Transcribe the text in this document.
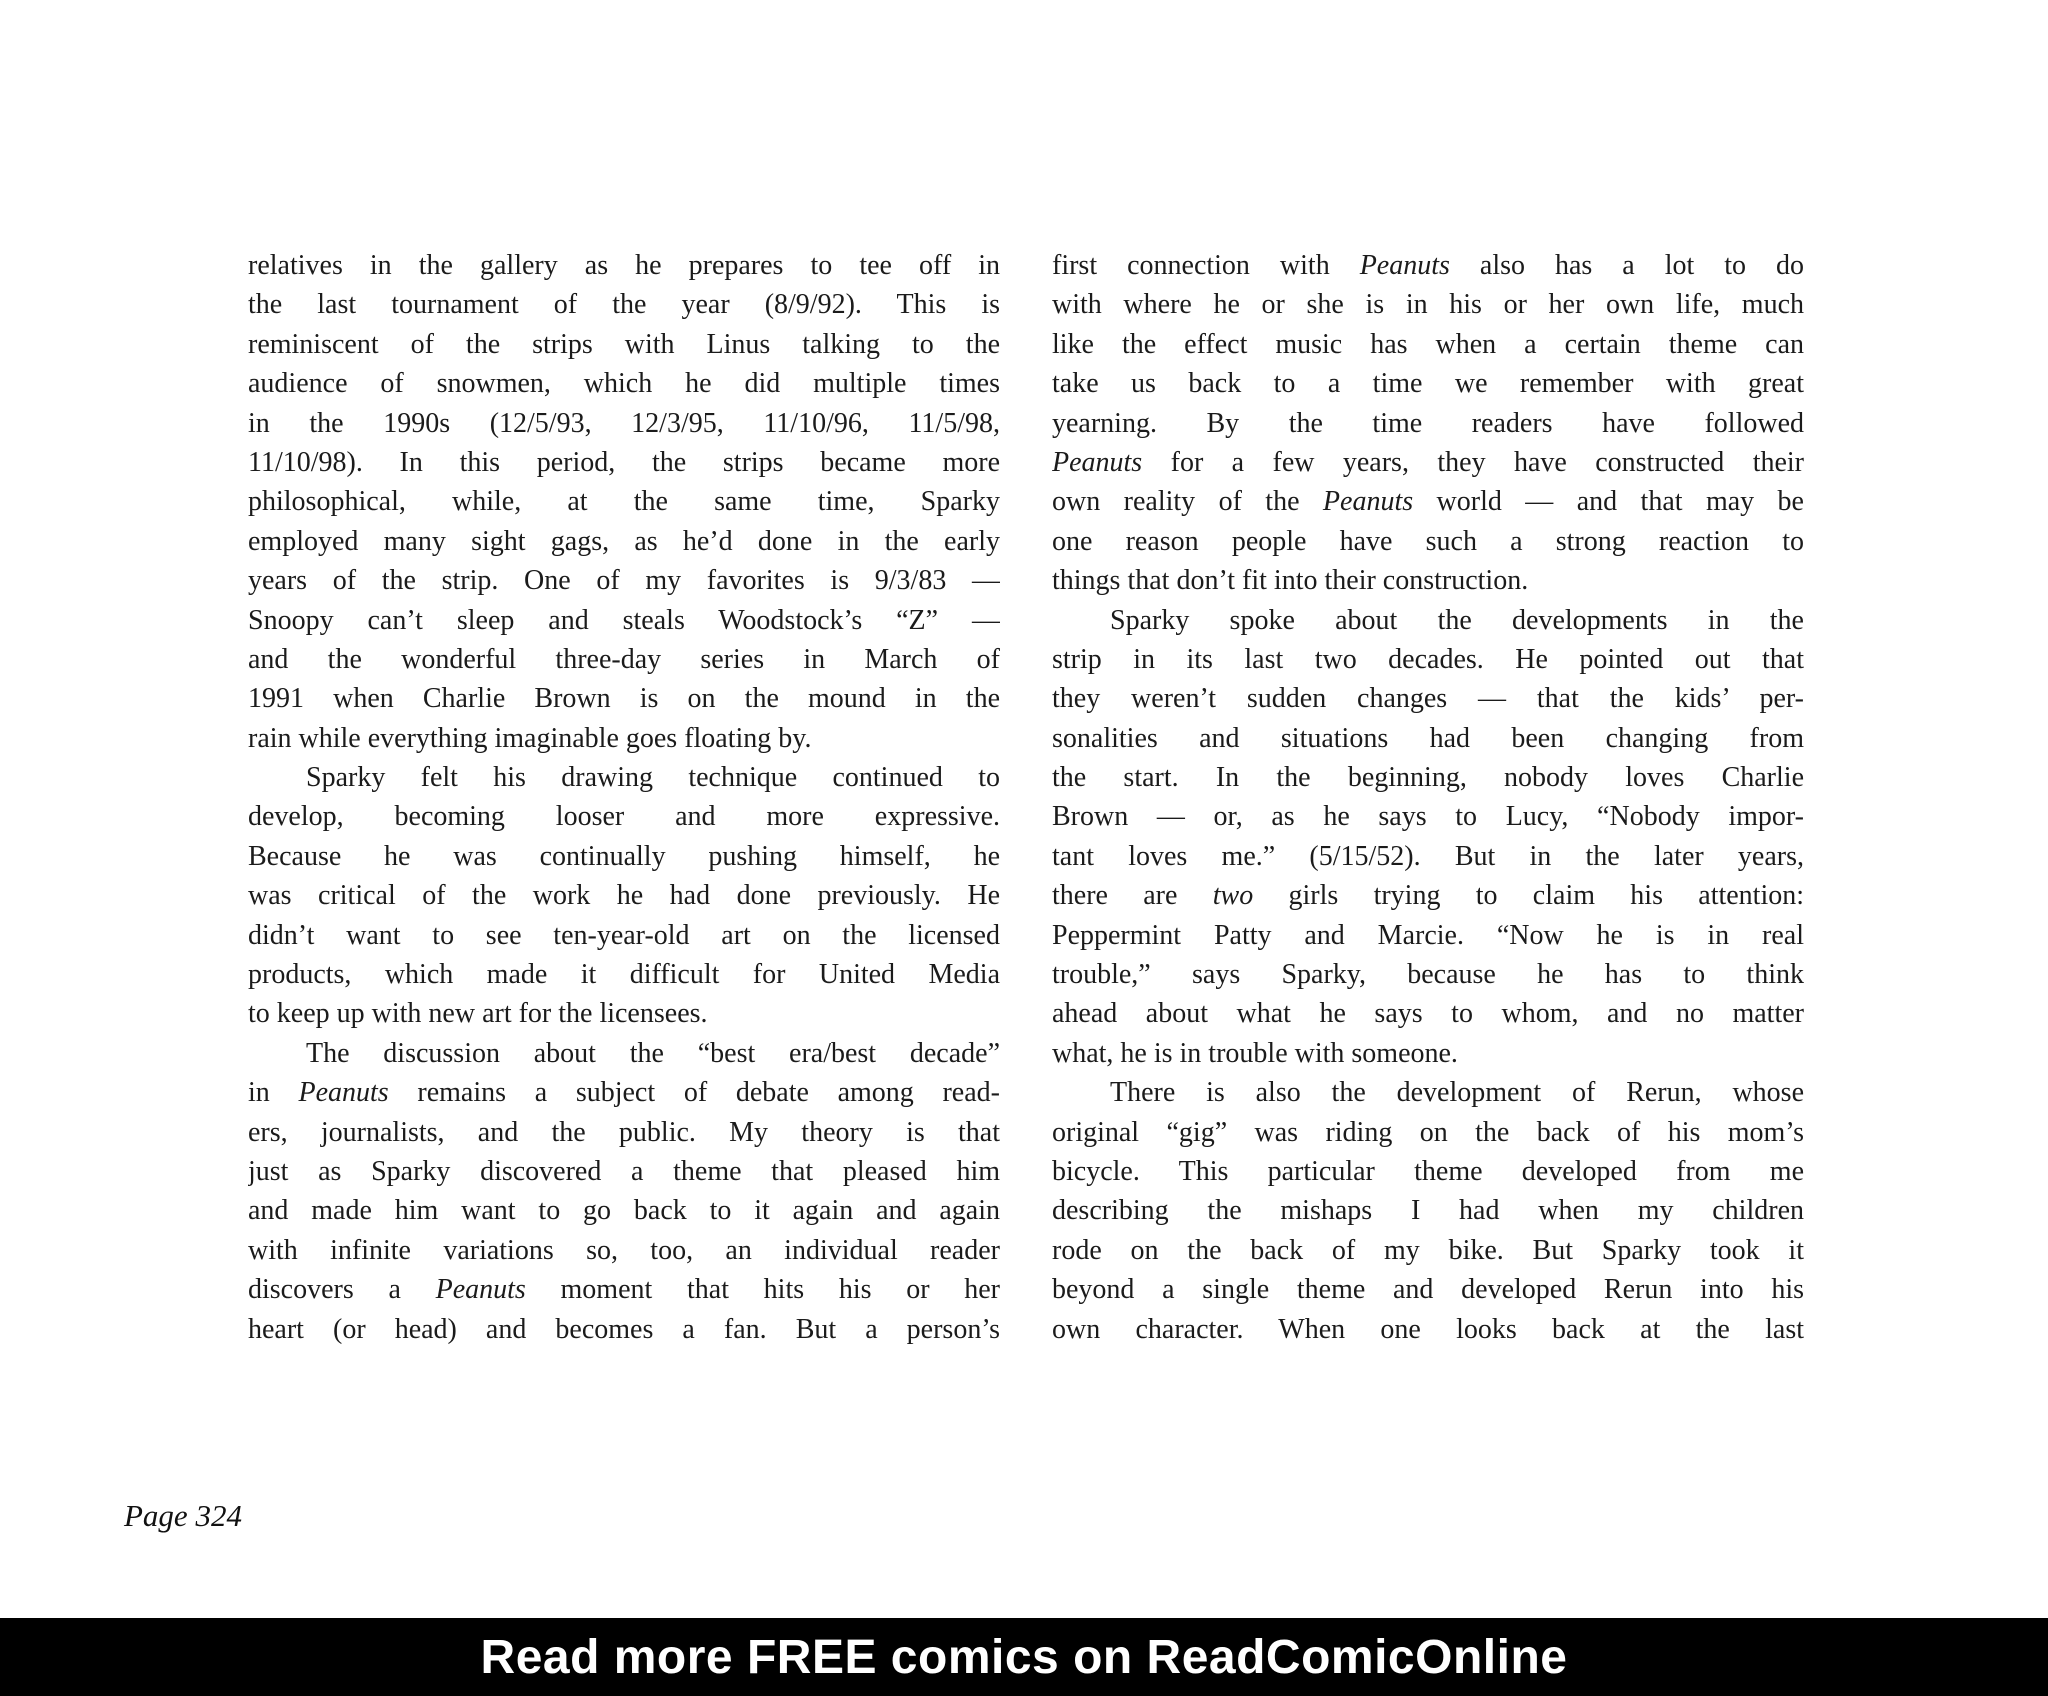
relatives in the gallery as he prepares to tee off in
the last tournament of the year (8/9/92). This is
reminiscent of the strips with Linus talking to the
audience of snowmen, which he did multiple times
in the 1990s (12/5/93, 12/3/95, 11/10/96, 11/5/98,
11/10/98). In this period, the strips became more
philosophical, while, at the same time, Sparky
employed many sight gags, as he’d done in the early
years of the strip. One of my favorites is 9/3/83 —
Snoopy can’t sleep and steals Woodstock’s “Z” —
and the wonderful three-day series in March of
1991 when Charlie Brown is on the mound in the
rain while everything imaginable goes floating by.
Sparky felt his drawing technique continued to
develop, becoming looser and more expressive.
Because he was continually pushing himself, he
was critical of the work he had done previously. He
didn’t want to see ten-year-old art on the licensed
products, which made it difficult for United Media
to keep up with new art for the licensees.
The discussion about the “best era/best decade”
in Peanuts remains a subject of debate among read-
ers, journalists, and the public. My theory is that
just as Sparky discovered a theme that pleased him
and made him want to go back to it again and again
with infinite variations so, too, an individual reader
discovers a Peanuts moment that hits his or her
heart (or head) and becomes a fan. But a person’s
first connection with Peanuts also has a lot to do
with where he or she is in his or her own life, much
like the effect music has when a certain theme can
take us back to a time we remember with great
yearning. By the time readers have followed
Peanuts for a few years, they have constructed their
own reality of the Peanuts world — and that may be
one reason people have such a strong reaction to
things that don’t fit into their construction.
Sparky spoke about the developments in the
strip in its last two decades. He pointed out that
they weren’t sudden changes — that the kids’ per-
sonalities and situations had been changing from
the start. In the beginning, nobody loves Charlie
Brown — or, as he says to Lucy, “Nobody impor-
tant loves me.” (5/15/52). But in the later years,
there are two girls trying to claim his attention:
Peppermint Patty and Marcie. “Now he is in real
trouble,” says Sparky, because he has to think
ahead about what he says to whom, and no matter
what, he is in trouble with someone.
There is also the development of Rerun, whose
original “gig” was riding on the back of his mom’s
bicycle. This particular theme developed from me
describing the mishaps I had when my children
rode on the back of my bike. But Sparky took it
beyond a single theme and developed Rerun into his
own character. When one looks back at the last
Page 324
Read more FREE comics on ReadComicOnline
